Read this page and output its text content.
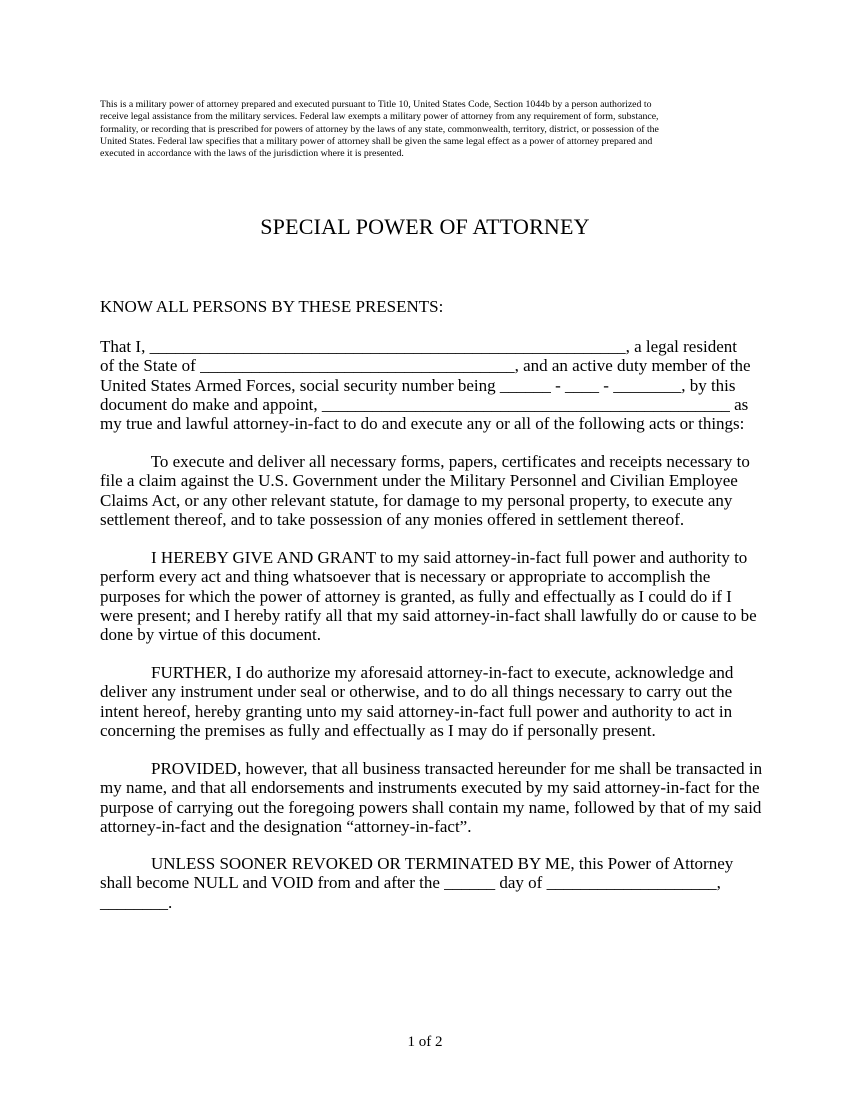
This is a military power of attorney prepared and executed pursuant to Title 10, United States Code, Section 1044b by a person authorized to
receive legal assistance from the military services. Federal law exempts a military power of attorney from any requirement of form, substance,
formality, or recording that is prescribed for powers of attorney by the laws of any state, commonwealth, territory, district, or possession of the
United States. Federal law specifies that a military power of attorney shall be given the same legal effect as a power of attorney prepared and
executed in accordance with the laws of the jurisdiction where it is presented.
SPECIAL POWER OF ATTORNEY
KNOW ALL PERSONS BY THESE PRESENTS:
That I, ________________________________________________________, a legal resident
of the State of _____________________________________, and an active duty member of the
United States Armed Forces, social security number being ______ - ____ - ________, by this
document do make and appoint, ________________________________________________ as
my true and lawful attorney-in-fact to do and execute any or all of the following acts or things:
To execute and deliver all necessary forms, papers, certificates and receipts necessary to
file a claim against the U.S. Government under the Military Personnel and Civilian Employee
Claims Act, or any other relevant statute, for damage to my personal property, to execute any
settlement thereof, and to take possession of any monies offered in settlement thereof.
I HEREBY GIVE AND GRANT to my said attorney-in-fact full power and authority to
perform every act and thing whatsoever that is necessary or appropriate to accomplish the
purposes for which the power of attorney is granted, as fully and effectually as I could do if I
were present; and I hereby ratify all that my said attorney-in-fact shall lawfully do or cause to be
done by virtue of this document.
FURTHER, I do authorize my aforesaid attorney-in-fact to execute, acknowledge and
deliver any instrument under seal or otherwise, and to do all things necessary to carry out the
intent hereof, hereby granting unto my said attorney-in-fact full power and authority to act in
concerning the premises as fully and effectually as I may do if personally present.
PROVIDED, however, that all business transacted hereunder for me shall be transacted in
my name, and that all endorsements and instruments executed by my said attorney-in-fact for the
purpose of carrying out the foregoing powers shall contain my name, followed by that of my said
attorney-in-fact and the designation “attorney-in-fact”.
UNLESS SOONER REVOKED OR TERMINATED BY ME, this Power of Attorney
shall become NULL and VOID from and after the ______ day of ____________________,
________.
1 of 2
